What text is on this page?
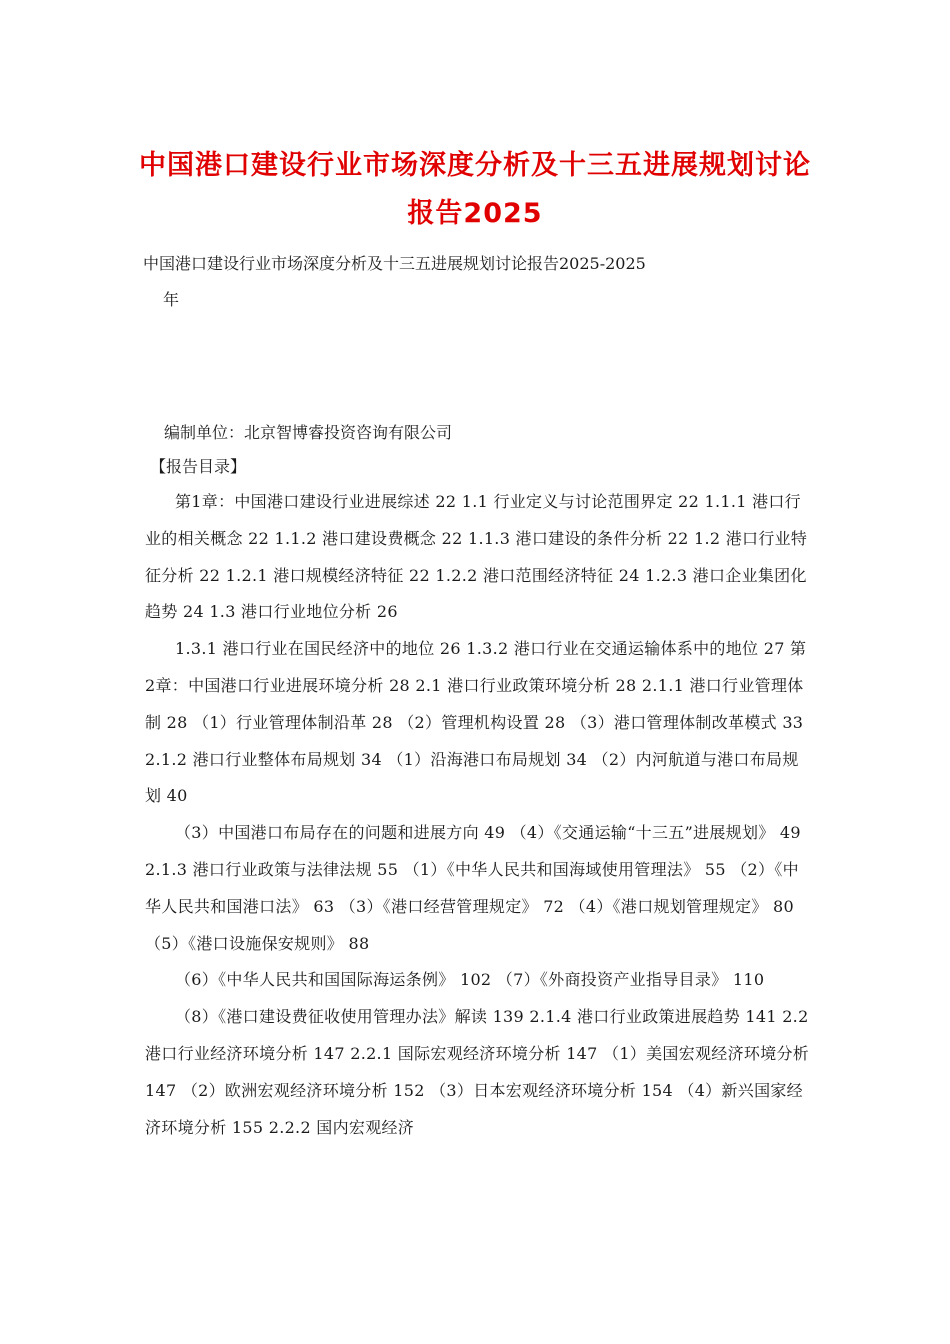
中国港口建设行业市场深度分析及十三五进展规划讨论报告2025
中国港口建设行业市场深度分析及十三五进展规划讨论报告2025-2025
年
编制单位：北京智博睿投资咨询有限公司
【报告目录】
第1章：中国港口建设行业进展综述 22 1.1 行业定义与讨论范围界定 22 1.1.1 港口行业的相关概念 22 1.1.2 港口建设费概念 22 1.1.3 港口建设的条件分析 22 1.2 港口行业特征分析 22 1.2.1 港口规模经济特征 22 1.2.2 港口范围经济特征 24 1.2.3 港口企业集团化趋势 24 1.3 港口行业地位分析 26
1.3.1 港口行业在国民经济中的地位 26 1.3.2 港口行业在交通运输体系中的地位 27 第2章：中国港口行业进展环境分析 28 2.1 港口行业政策环境分析 28 2.1.1 港口行业管理体制 28 （1）行业管理体制沿革 28 （2）管理机构设置 28 （3）港口管理体制改革模式 33 2.1.2 港口行业整体布局规划 34 （1）沿海港口布局规划 34 （2）内河航道与港口布局规划 40
（3）中国港口布局存在的问题和进展方向 49 （4）《交通运输“十三五”进展规划》 49 2.1.3 港口行业政策与法律法规 55 （1）《中华人民共和国海域使用管理法》 55 （2）《中华人民共和国港口法》 63 （3）《港口经营管理规定》 72 （4）《港口规划管理规定》 80 （5）《港口设施保安规则》 88
（6）《中华人民共和国国际海运条例》 102 （7）《外商投资产业指导目录》 110
（8）《港口建设费征收使用管理办法》解读 139 2.1.4 港口行业政策进展趋势 141 2.2 港口行业经济环境分析 147 2.2.1 国际宏观经济环境分析 147 （1）美国宏观经济环境分析 147 （2）欧洲宏观经济环境分析 152 （3）日本宏观经济环境分析 154 （4）新兴国家经济环境分析 155 2.2.2 国内宏观经济
